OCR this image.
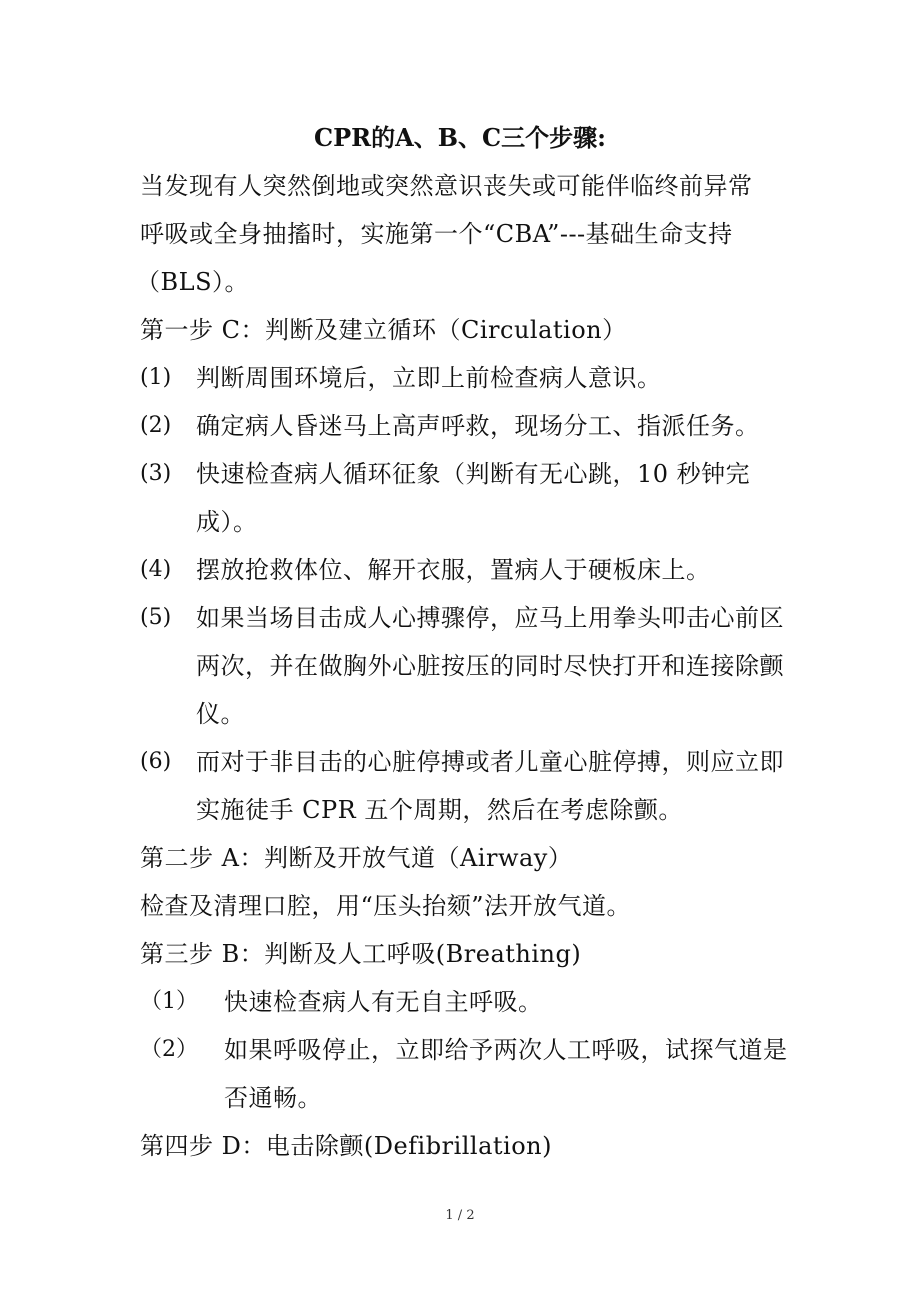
CPR的A、B、C三个步骤:
当发现有人突然倒地或突然意识丧失或可能伴临终前异常
呼吸或全身抽搐时，实施第一个“CBA”---基础生命支持
（BLS）。
第一步 C：判断及建立循环（Circulation）
(1) 判断周围环境后，立即上前检查病人意识。
(2) 确定病人昏迷马上高声呼救，现场分工、指派任务。
(3) 快速检查病人循环征象（判断有无心跳，10 秒钟完
成）。
(4) 摆放抢救体位、解开衣服，置病人于硬板床上。
(5) 如果当场目击成人心搏骤停，应马上用拳头叩击心前区
两次，并在做胸外心脏按压的同时尽快打开和连接除颤
仪。
(6) 而对于非目击的心脏停搏或者儿童心脏停搏，则应立即
实施徒手 CPR 五个周期，然后在考虑除颤。
第二步 A：判断及开放气道（Airway）
检查及清理口腔，用“压头抬颏”法开放气道。
第三步 B：判断及人工呼吸(Breathing)
（1） 快速检查病人有无自主呼吸。
（2） 如果呼吸停止，立即给予两次人工呼吸，试探气道是
否通畅。
第四步 D：电击除颤(Defibrillation)
1 / 2
